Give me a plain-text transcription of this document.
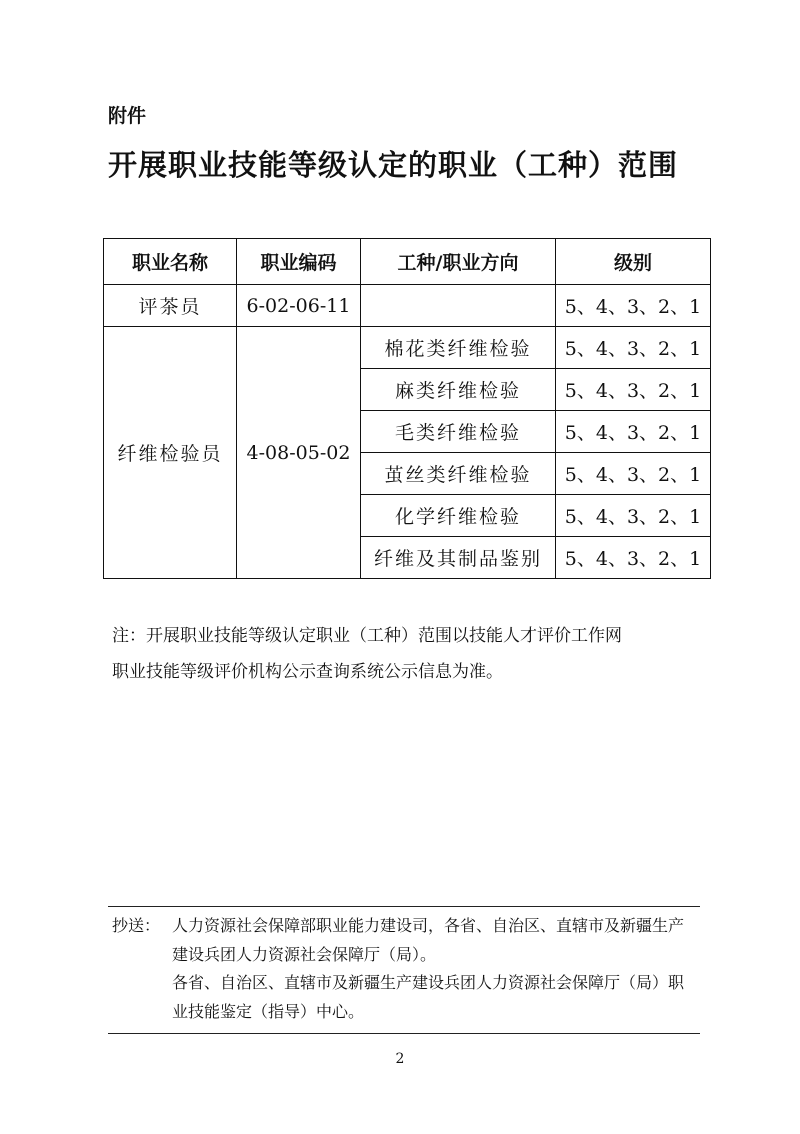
附件
开展职业技能等级认定的职业（工种）范围
职业名称	职业编码	工种/职业方向	级别
评茶员	6-02-06-11		5、4、3、2、1
纤维检验员	4-08-05-02	棉花类纤维检验	5、4、3、2、1
		麻类纤维检验	5、4、3、2、1
		毛类纤维检验	5、4、3、2、1
		茧丝类纤维检验	5、4、3、2、1
		化学纤维检验	5、4、3、2、1
		纤维及其制品鉴别	5、4、3、2、1

注：开展职业技能等级认定职业（工种）范围以技能人才评价工作网

职业技能等级评价机构公示查询系统公示信息为准。

抄送： 人力资源社会保障部职业能力建设司，各省、自治区、直辖市及新疆生产

建设兵团人力资源社会保障厅（局）。

各省、自治区、直辖市及新疆生产建设兵团人力资源社会保障厅（局）职

业技能鉴定（指导）中心。

2
